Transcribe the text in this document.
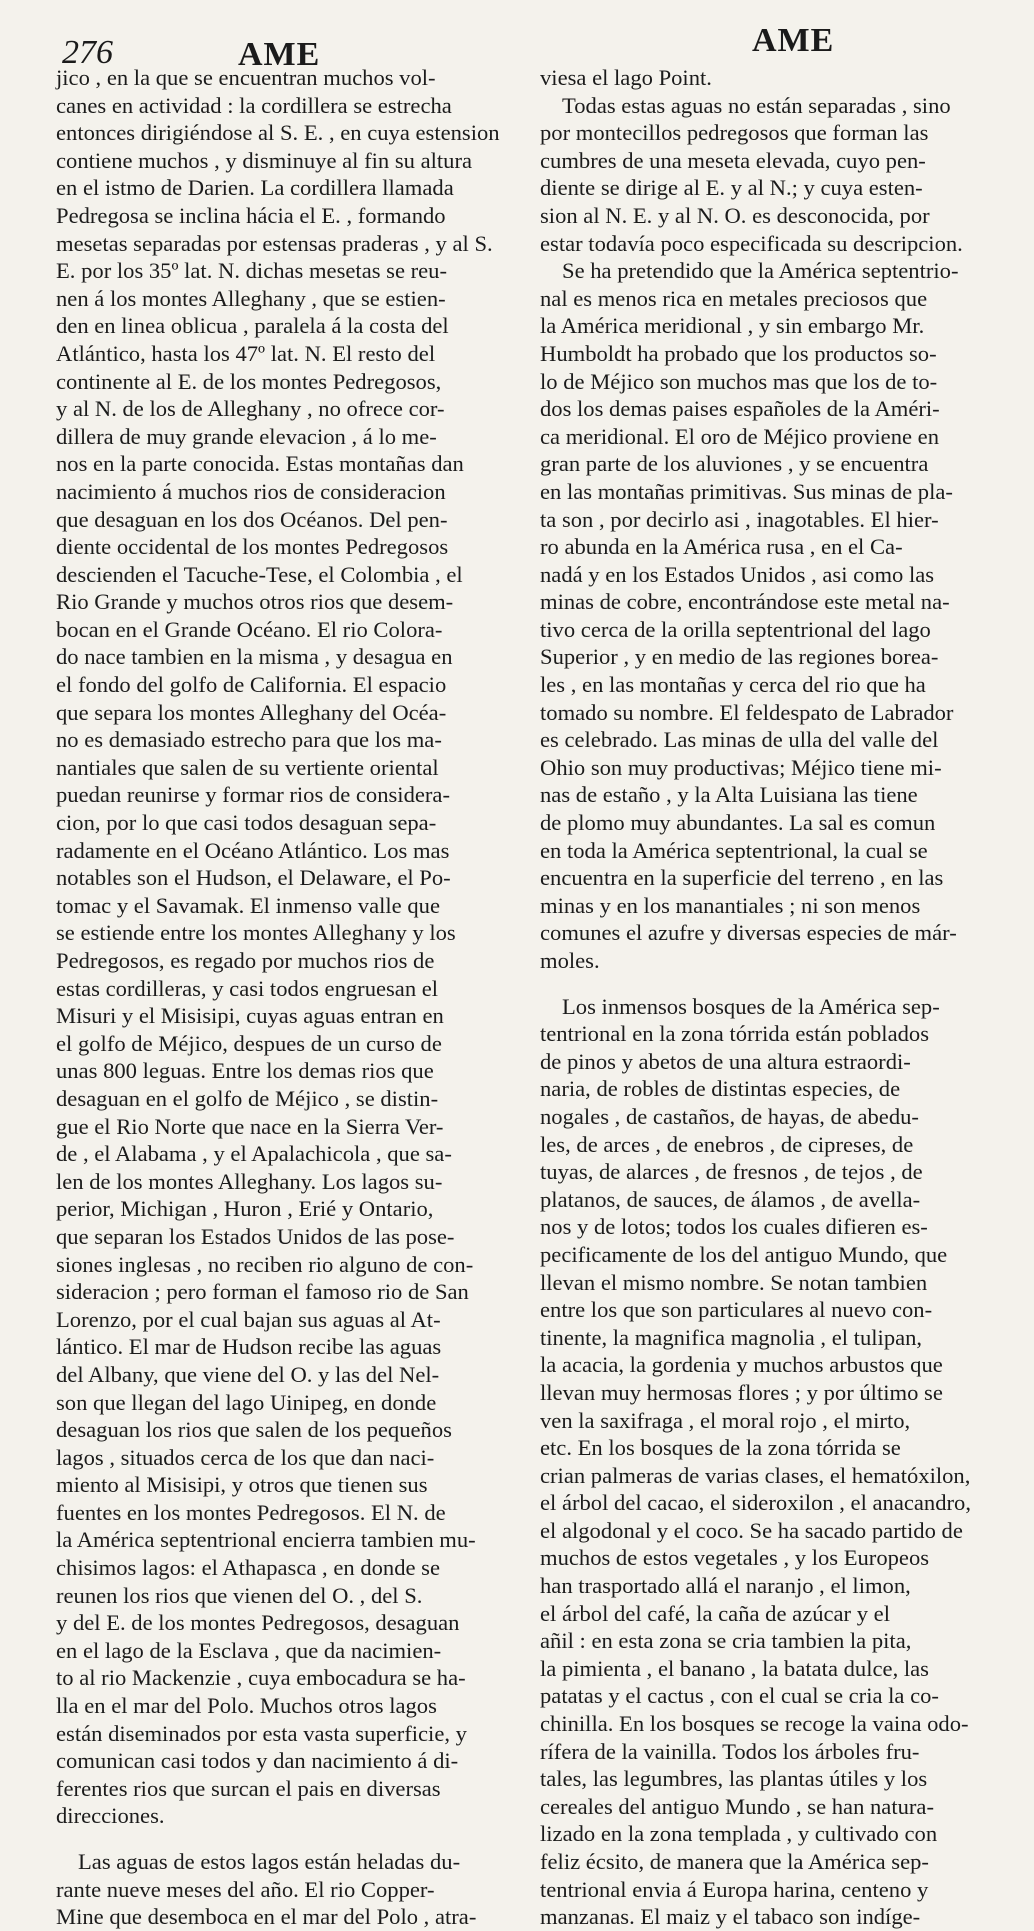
276	AME	AME
jico , en la que se encuentran muchos vol-
canes en actividad : la cordillera se estrecha
entonces dirigiéndose al S. E. , en cuya estension
contiene muchos , y disminuye al fin su altura
en el istmo de Darien. La cordillera llamada
Pedregosa se inclina hácia el E. , formando
mesetas separadas por estensas praderas , y al S.
E. por los 35º lat. N. dichas mesetas se reu-
nen á los montes Alleghany , que se estien-
den en linea oblicua , paralela á la costa del
Atlántico, hasta los 47º lat. N. El resto del
continente al E. de los montes Pedregosos,
y al N. de los de Alleghany , no ofrece cor-
dillera de muy grande elevacion , á lo me-
nos en la parte conocida. Estas montañas dan
nacimiento á muchos rios de consideracion
que desaguan en los dos Océanos. Del pen-
diente occidental de los montes Pedregosos
descienden el Tacuche-Tese, el Colombia , el
Rio Grande y muchos otros rios que desem-
bocan en el Grande Océano. El rio Colora-
do nace tambien en la misma , y desagua en
el fondo del golfo de California. El espacio
que separa los montes Alleghany del Océa-
no es demasiado estrecho para que los ma-
nantiales que salen de su vertiente oriental
puedan reunirse y formar rios de considera-
cion, por lo que casi todos desaguan sepa-
radamente en el Océano Atlántico. Los mas
notables son el Hudson, el Delaware, el Po-
tomac y el Savamak. El inmenso valle que
se estiende entre los montes Alleghany y los
Pedregosos, es regado por muchos rios de
estas cordilleras, y casi todos engruesan el
Misuri y el Misisipi, cuyas aguas entran en
el golfo de Méjico, despues de un curso de
unas 800 leguas. Entre los demas rios que
desaguan en el golfo de Méjico , se distin-
gue el Rio Norte que nace en la Sierra Ver-
de , el Alabama , y el Apalachicola , que sa-
len de los montes Alleghany. Los lagos su-
perior, Michigan , Huron , Erié y Ontario,
que separan los Estados Unidos de las pose-
siones inglesas , no reciben rio alguno de con-
sideracion ; pero forman el famoso rio de San
Lorenzo, por el cual bajan sus aguas al At-
lántico. El mar de Hudson recibe las aguas
del Albany, que viene del O. y las del Nel-
son que llegan del lago Uinipeg, en donde
desaguan los rios que salen de los pequeños
lagos , situados cerca de los que dan naci-
miento al Misisipi, y otros que tienen sus
fuentes en los montes Pedregosos. El N. de
la América septentrional encierra tambien mu-
chisimos lagos: el Athapasca , en donde se
reunen los rios que vienen del O. , del S.
y del E. de los montes Pedregosos, desaguan
en el lago de la Esclava , que da nacimien-
to al rio Mackenzie , cuya embocadura se ha-
lla en el mar del Polo. Muchos otros lagos
están diseminados por esta vasta superficie, y
comunican casi todos y dan nacimiento á di-
ferentes rios que surcan el pais en diversas
direcciones.
Las aguas de estos lagos están heladas du-
rante nueve meses del año. El rio Copper-
Mine que desemboca en el mar del Polo , atra-
viesa el lago Point.
Todas estas aguas no están separadas , sino
por montecillos pedregosos que forman las
cumbres de una meseta elevada, cuyo pen-
diente se dirige al E. y al N.; y cuya esten-
sion al N. E. y al N. O. es desconocida, por
estar todavía poco especificada su descripcion.
Se ha pretendido que la América septentrio-
nal es menos rica en metales preciosos que
la América meridional , y sin embargo Mr.
Humboldt ha probado que los productos so-
lo de Méjico son muchos mas que los de to-
dos los demas paises españoles de la Améri-
ca meridional. El oro de Méjico proviene en
gran parte de los aluviones , y se encuentra
en las montañas primitivas. Sus minas de pla-
ta son , por decirlo asi , inagotables. El hier-
ro abunda en la América rusa , en el Ca-
nadá y en los Estados Unidos , asi como las
minas de cobre, encontrándose este metal na-
tivo cerca de la orilla septentrional del lago
Superior , y en medio de las regiones boreа-
les , en las montañas y cerca del rio que ha
tomado su nombre. El feldespato de Labrador
es celebrado. Las minas de ulla del valle del
Ohio son muy productivas; Méjico tiene mi-
nas de estaño , y la Alta Luisiana las tiene
de plomo muy abundantes. La sal es comun
en toda la América septentrional, la cual se
encuentra en la superficie del terreno , en las
minas y en los manantiales ; ni son menos
comunes el azufre y diversas especies de már-
moles.
Los inmensos bosques de la América sep-
tentrional en la zona tórrida están poblados
de pinos y abetos de una altura estraordi-
naria, de robles de distintas especies, de
nogales , de castaños, de hayas, de abedu-
les, de arces , de enebros , de cipreses, de
tuyas, de alarces , de fresnos , de tejos , de
platanos, de sauces, de álamos , de avella-
nos y de lotos; todos los cuales difieren es-
pecificamente de los del antiguo Mundo, que
llevan el mismo nombre. Se notan tambien
entre los que son particulares al nuevo con-
tinente, la magnifica magnolia , el tulipan,
la acacia, la gordenia y muchos arbustos que
llevan muy hermosas flores ; y por último se
ven la saxifraga , el moral rojo , el mirto,
etc. En los bosques de la zona tórrida se
crian palmeras de varias clases, el hematóxilon,
el árbol del cacao, el sideroxilon , el anacandro,
el algodonal y el coco. Se ha sacado partido de
muchos de estos vegetales , y los Europeos
han trasportado allá el naranjo , el limon,
el árbol del café, la caña de azúcar y el
añil : en esta zona se cria tambien la pita,
la pimienta , el banano , la batata dulce, las
patatas y el cactus , con el cual se cria la co-
chinilla. En los bosques se recoge la vaina odo-
rífera de la vainilla. Todos los árboles fru-
tales, las legumbres, las plantas útiles y los
cereales del antiguo Mundo , se han natura-
lizado en la zona templada , y cultivado con
feliz écsito, de manera que la América sep-
tentrional envia á Europa harina, centeno y
manzanas. El maiz y el tabaco son indíge-
